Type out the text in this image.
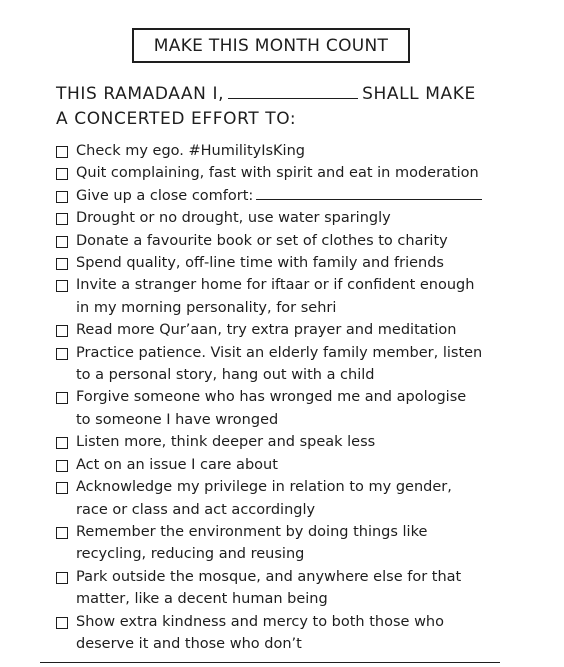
MAKE THIS MONTH COUNT
THIS RAMADAAN I,	SHALL MAKE
A CONCERTED EFFORT TO:
Check my ego. #HumilityIsKing
Quit complaining, fast with spirit and eat in moderation
Give up a close comfort:
Drought or no drought, use water sparingly
Donate a favourite book or set of clothes to charity
Spend quality, off-line time with family and friends
Invite a stranger home for iftaar or if confident enough
in my morning personality, for sehri
Read more Qur’aan, try extra prayer and meditation
Practice patience. Visit an elderly family member, listen
to a personal story, hang out with a child
Forgive someone who has wronged me and apologise
to someone I have wronged
Listen more, think deeper and speak less
Act on an issue I care about
Acknowledge my privilege in relation to my gender,
race or class and act accordingly
Remember the environment by doing things like
recycling, reducing and reusing
Park outside the mosque, and anywhere else for that
matter, like a decent human being
Show extra kindness and mercy to both those who
deserve it and those who don’t
